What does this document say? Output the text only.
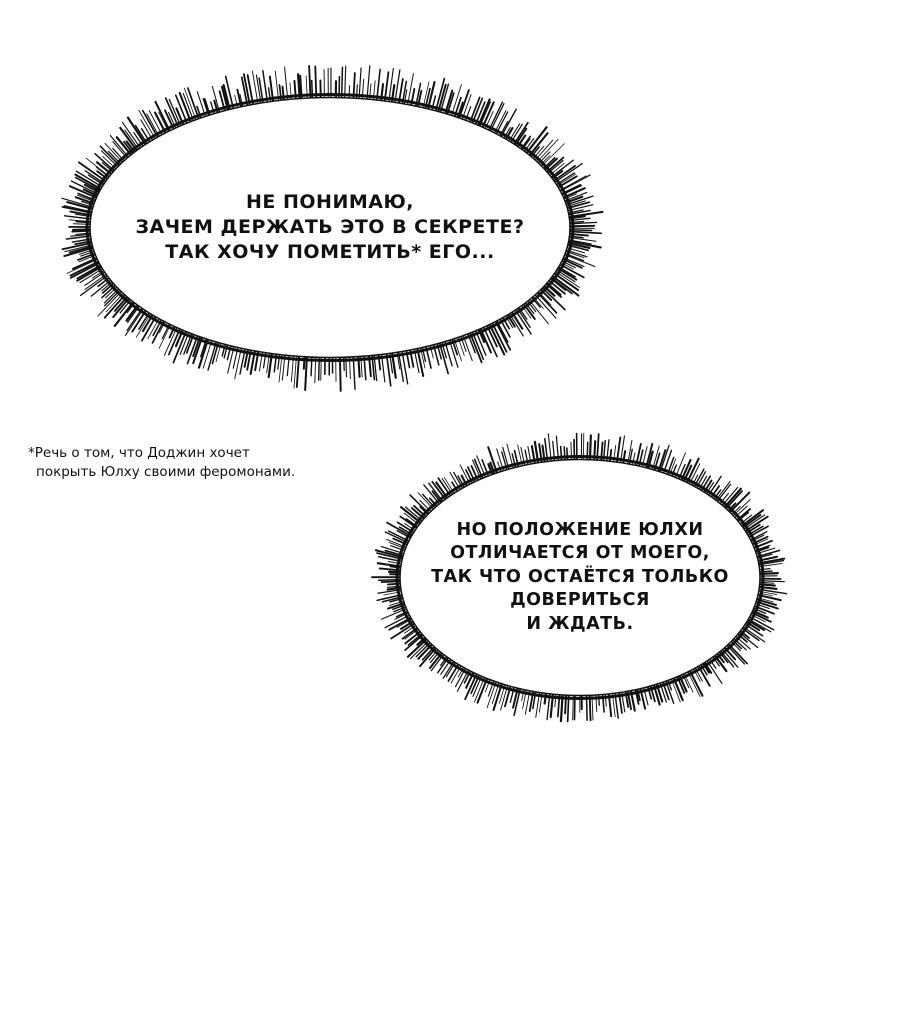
НЕ ПОНИМАЮ,
ЗАЧЕМ ДЕРЖАТЬ ЭТО В СЕКРЕТЕ?
ТАК ХОЧУ ПОМЕТИТЬ* ЕГО...
*Речь о том, что Доджин хочет
покрыть Юлху своими феромонами.
НО ПОЛОЖЕНИЕ ЮЛХИ
ОТЛИЧАЕТСЯ ОТ МОЕГО,
ТАК ЧТО ОСТАЁТСЯ ТОЛЬКО
ДОВЕРИТЬСЯ
И ЖДАТЬ.
